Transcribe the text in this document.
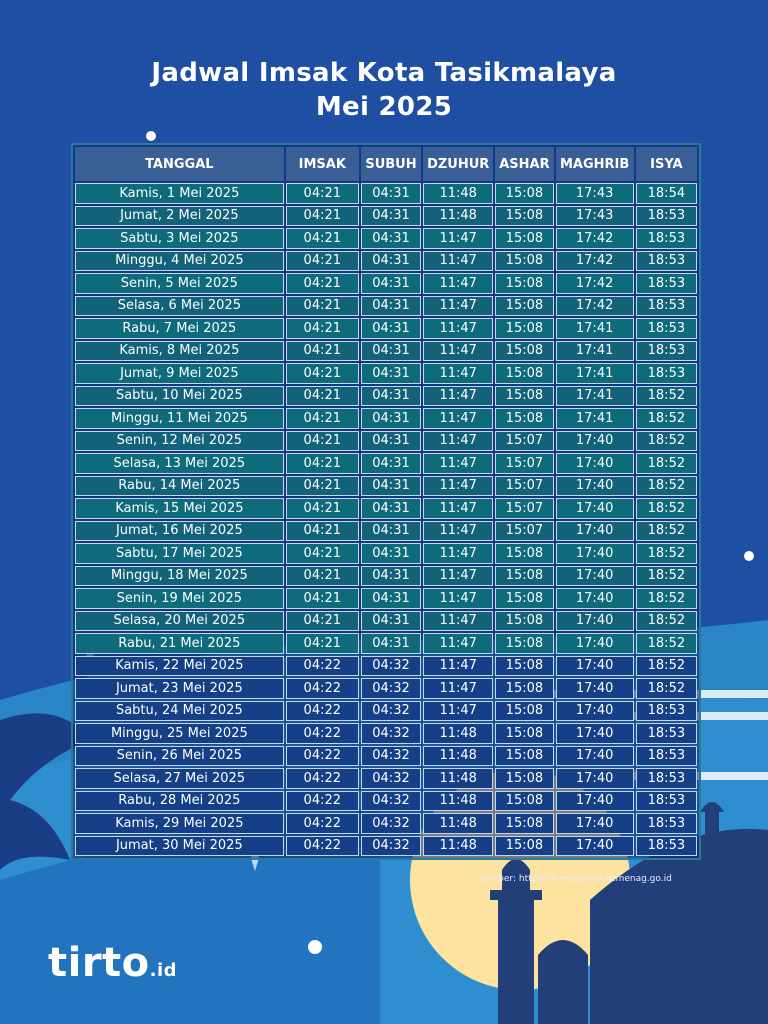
Jadwal Imsak Kota Tasikmalaya
Mei 2025
TANGGAL	IMSAK	SUBUH	DZUHUR	ASHAR	MAGHRIB	ISYA
Kamis, 1 Mei 2025	04:21	04:31	11:48	15:08	17:43	18:54
Jumat, 2 Mei 2025	04:21	04:31	11:48	15:08	17:43	18:53
Sabtu, 3 Mei 2025	04:21	04:31	11:47	15:08	17:42	18:53
Minggu, 4 Mei 2025	04:21	04:31	11:47	15:08	17:42	18:53
Senin, 5 Mei 2025	04:21	04:31	11:47	15:08	17:42	18:53
Selasa, 6 Mei 2025	04:21	04:31	11:47	15:08	17:42	18:53
Rabu, 7 Mei 2025	04:21	04:31	11:47	15:08	17:41	18:53
Kamis, 8 Mei 2025	04:21	04:31	11:47	15:08	17:41	18:53
Jumat, 9 Mei 2025	04:21	04:31	11:47	15:08	17:41	18:53
Sabtu, 10 Mei 2025	04:21	04:31	11:47	15:08	17:41	18:52
Minggu, 11 Mei 2025	04:21	04:31	11:47	15:08	17:41	18:52
Senin, 12 Mei 2025	04:21	04:31	11:47	15:07	17:40	18:52
Selasa, 13 Mei 2025	04:21	04:31	11:47	15:07	17:40	18:52
Rabu, 14 Mei 2025	04:21	04:31	11:47	15:07	17:40	18:52
Kamis, 15 Mei 2025	04:21	04:31	11:47	15:07	17:40	18:52
Jumat, 16 Mei 2025	04:21	04:31	11:47	15:07	17:40	18:52
Sabtu, 17 Mei 2025	04:21	04:31	11:47	15:08	17:40	18:52
Minggu, 18 Mei 2025	04:21	04:31	11:47	15:08	17:40	18:52
Senin, 19 Mei 2025	04:21	04:31	11:47	15:08	17:40	18:52
Selasa, 20 Mei 2025	04:21	04:31	11:47	15:08	17:40	18:52
Rabu, 21 Mei 2025	04:21	04:31	11:47	15:08	17:40	18:52
Kamis, 22 Mei 2025	04:22	04:32	11:47	15:08	17:40	18:52
Jumat, 23 Mei 2025	04:22	04:32	11:47	15:08	17:40	18:52
Sabtu, 24 Mei 2025	04:22	04:32	11:47	15:08	17:40	18:53
Minggu, 25 Mei 2025	04:22	04:32	11:48	15:08	17:40	18:53
Senin, 26 Mei 2025	04:22	04:32	11:48	15:08	17:40	18:53
Selasa, 27 Mei 2025	04:22	04:32	11:48	15:08	17:40	18:53
Rabu, 28 Mei 2025	04:22	04:32	11:48	15:08	17:40	18:53
Kamis, 29 Mei 2025	04:22	04:32	11:48	15:08	17:40	18:53
Jumat, 30 Mei 2025	04:22	04:32	11:48	15:08	17:40	18:53
Sumber: https://bimasislam.kemenag.go.id
tirto.id
